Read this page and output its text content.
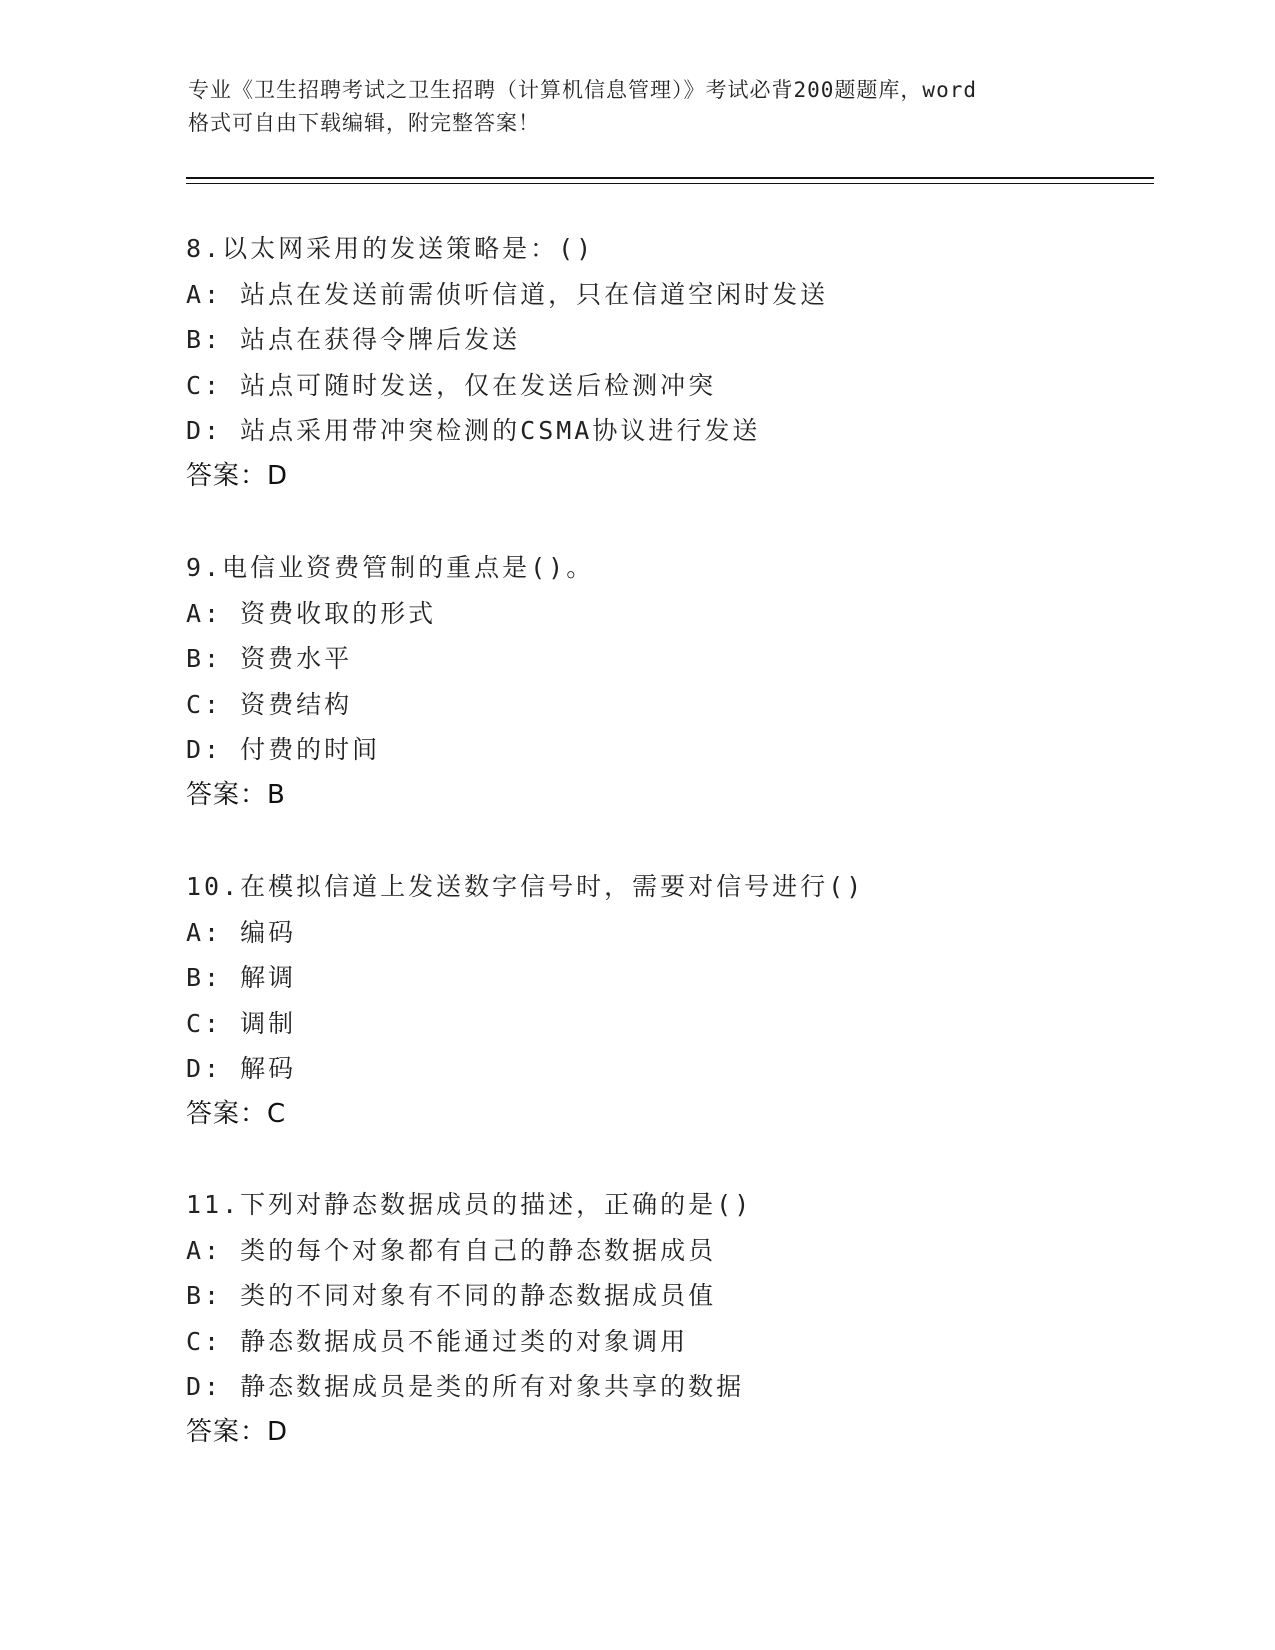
专业《卫生招聘考试之卫生招聘（计算机信息管理）》考试必背200题题库，word
格式可自由下载编辑，附完整答案！
8.以太网采用的发送策略是：()
A: 站点在发送前需侦听信道，只在信道空闲时发送
B: 站点在获得令牌后发送
C: 站点可随时发送，仅在发送后检测冲突
D: 站点采用带冲突检测的CSMA协议进行发送
答案：D
9.电信业资费管制的重点是()。
A: 资费收取的形式
B: 资费水平
C: 资费结构
D: 付费的时间
答案：B
10.在模拟信道上发送数字信号时，需要对信号进行()
A: 编码
B: 解调
C: 调制
D: 解码
答案：C
11.下列对静态数据成员的描述，正确的是()
A: 类的每个对象都有自己的静态数据成员
B: 类的不同对象有不同的静态数据成员值
C: 静态数据成员不能通过类的对象调用
D: 静态数据成员是类的所有对象共享的数据
答案：D
